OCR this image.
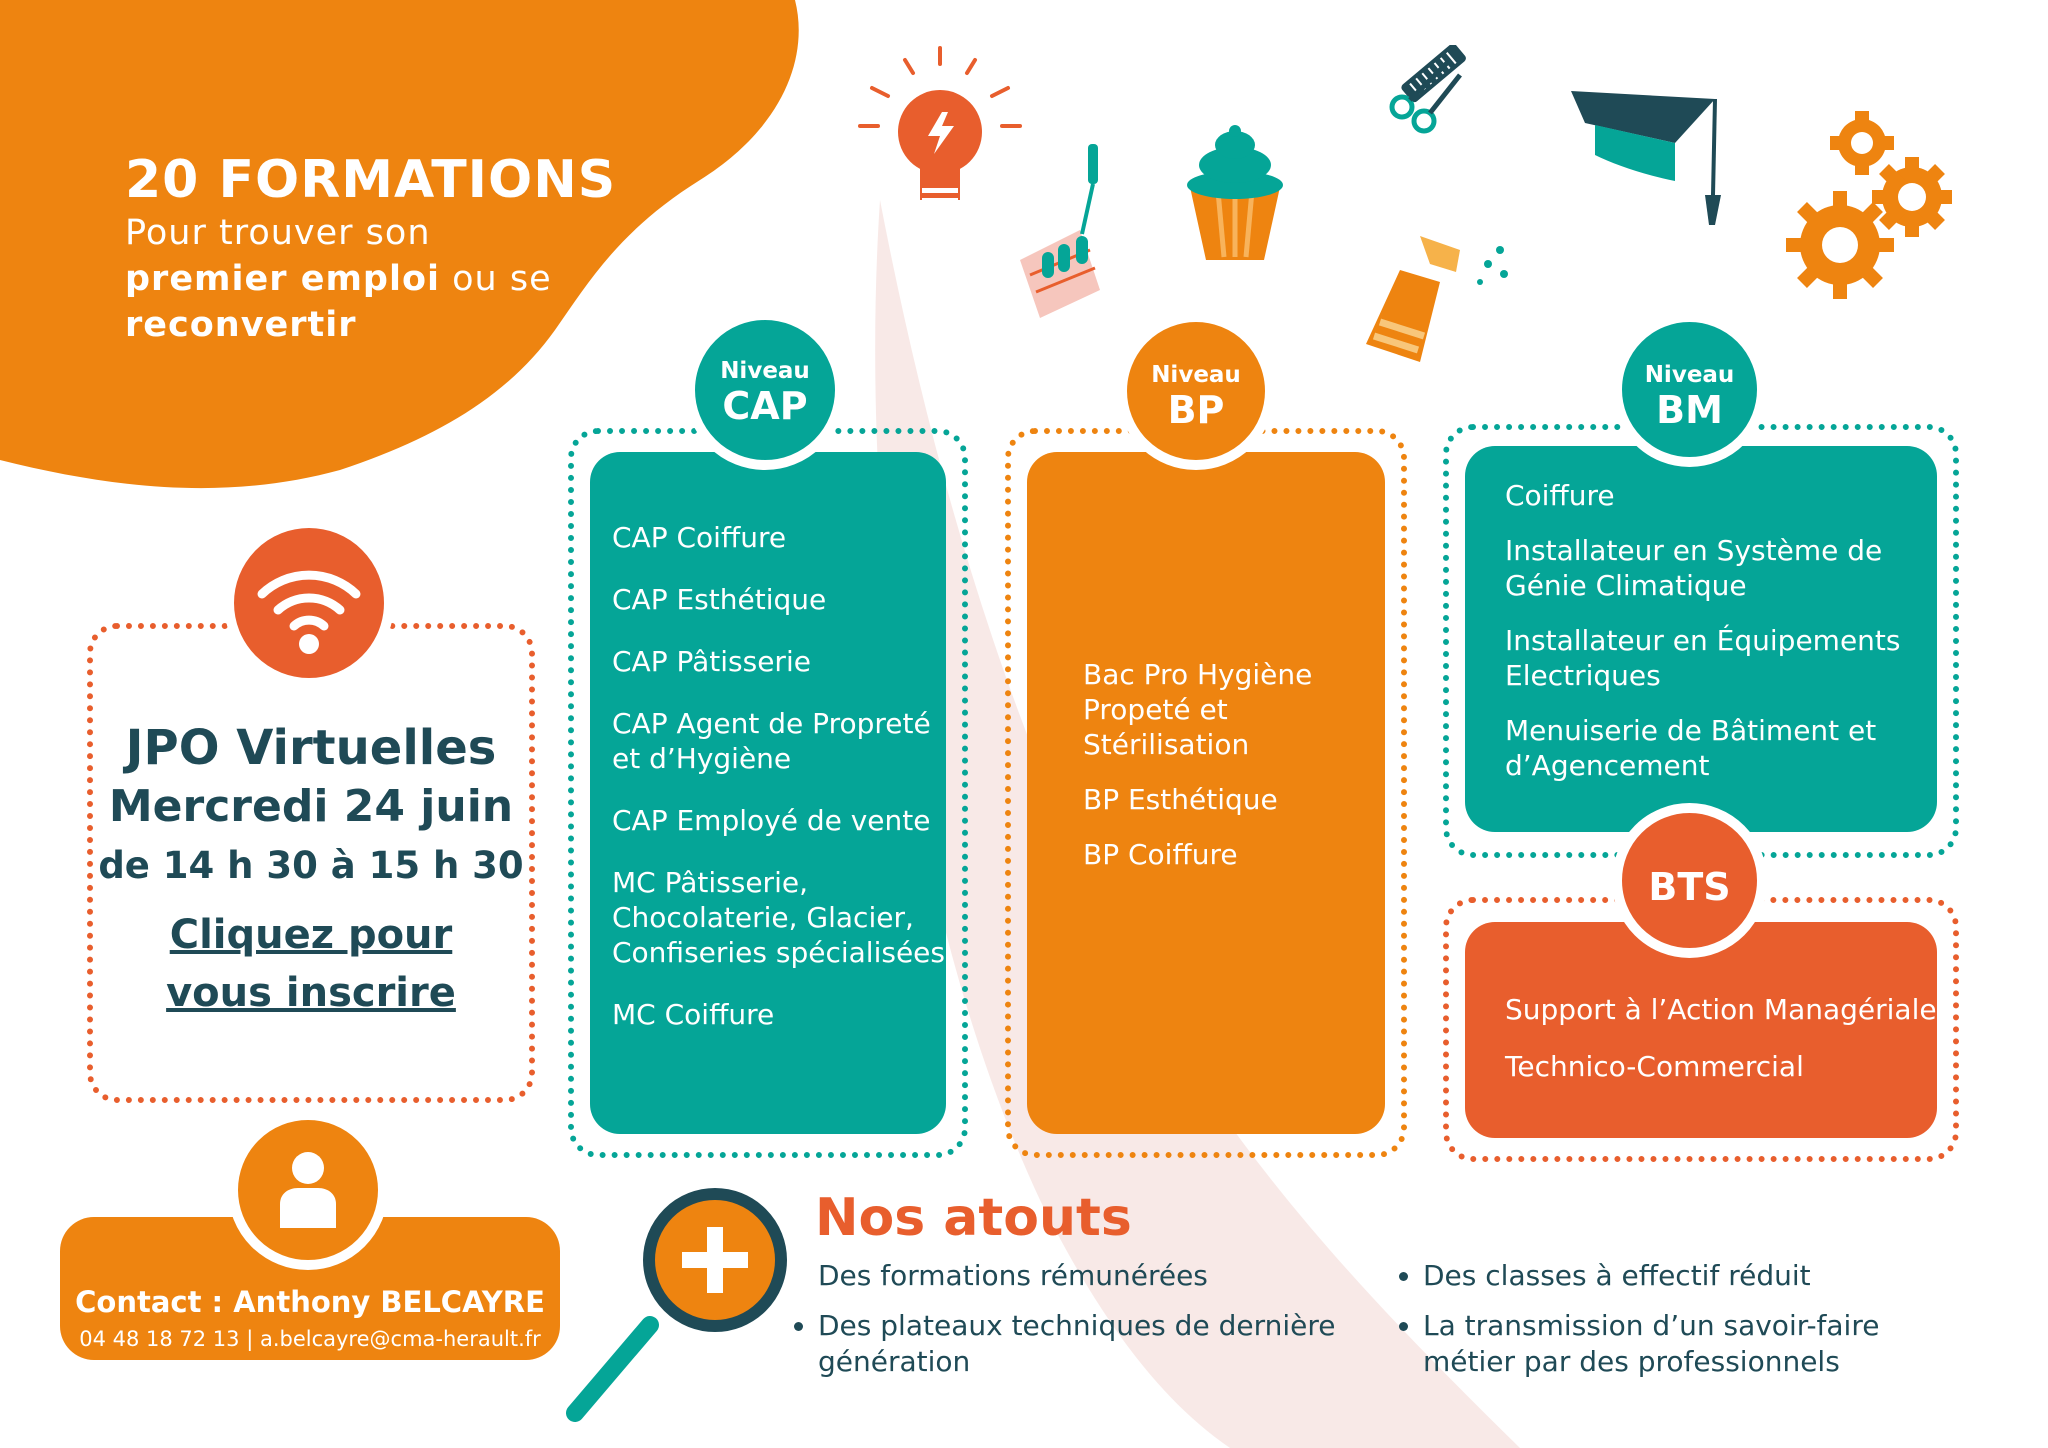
20 FORMATIONS
Pour trouver son
premier emploi ou se
reconvertir
JPO Virtuelles
Mercredi 24 juin
de 14 h 30 à 15 h 30
Cliquez pour vous inscrire
Contact : Anthony BELCAYRE
04 48 18 72 13 | a.belcayre@cma-herault.fr
CAP Coiffure
CAP Esthétique
CAP Pâtisserie
CAP Agent de Propreté et d’Hygiène
CAP Employé de vente
MC Pâtisserie, Chocolaterie, Glacier, Confiseries spécialisées
MC Coiffure
Niveau
CAP
Bac Pro Hygiène Propeté et Stérilisation
BP Esthétique
BP Coiffure
Niveau
BP
Coiffure
Installateur en Système de Génie Climatique
Installateur en Équipements Electriques
Menuiserie de Bâtiment et d’Agencement
Niveau
BM
Support à l’Action Managériale
Technico-Commercial
BTS
Nos atouts
Des formations rémunérées
• Des plateaux techniques de dernière génération
• Des classes à effectif réduit
• La transmission d’un savoir-faire métier par des professionnels
